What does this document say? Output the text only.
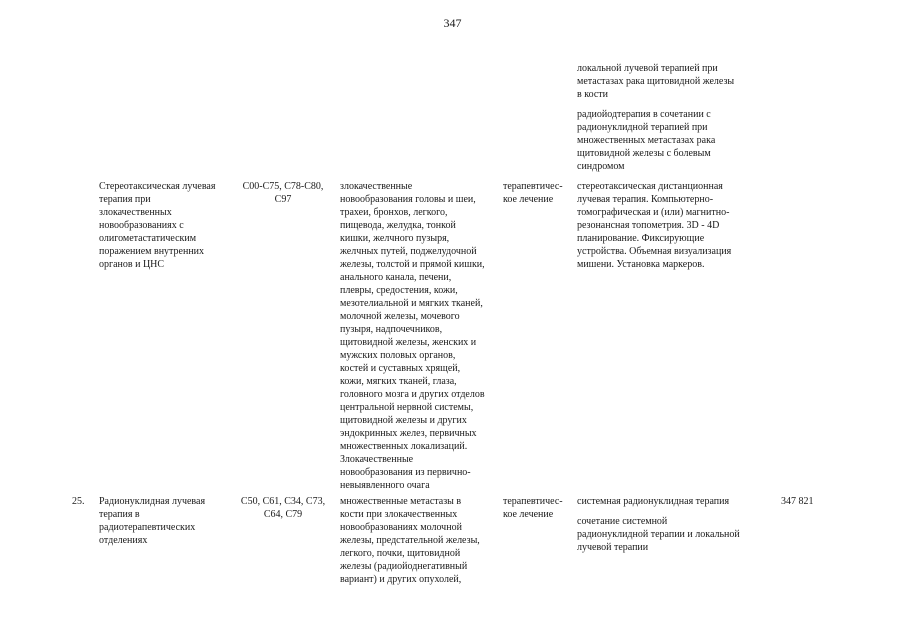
347
локальной лучевой терапией при
метастазах рака щитовидной железы
в кости
радиойодтерапия в сочетании с
радионуклидной терапией при
множественных метастазах рака
щитовидной железы с болевым
синдромом
Стереотаксическая лучевая
терапия при
злокачественных
новообразованиях с
олигометастатическим
поражением внутренних
органов и ЦНС
C00-C75, C78-C80,
C97
злокачественные
новообразования головы и шеи,
трахеи, бронхов, легкого,
пищевода, желудка, тонкой
кишки, желчного пузыря,
желчных путей, поджелудочной
железы, толстой и прямой кишки,
анального канала, печени,
плевры, средостения, кожи,
мезотелиальной и мягких тканей,
молочной железы, мочевого
пузыря, надпочечников,
щитовидной железы, женских и
мужских половых органов,
костей и суставных хрящей,
кожи, мягких тканей, глаза,
головного мозга и других отделов
центральной нервной системы,
щитовидной железы и других
эндокринных желез, первичных
множественных локализаций.
Злокачественные
новообразования из первично-
невыявленного очага
терапевтичес-
кое лечение
стереотаксическая дистанционная
лучевая терапия. Компьютерно-
томографическая и (или) магнитно-
резонансная топометрия. 3D - 4D
планирование. Фиксирующие
устройства. Объемная визуализация
мишени. Установка маркеров.
25. Радионуклидная лучевая
терапия в
радиотерапевтических
отделениях
C50, C61, C34, C73,
C64, C79
множественные метастазы в
кости при злокачественных
новообразованиях молочной
железы, предстательной железы,
легкого, почки, щитовидной
железы (радиойоднегативный
вариант) и других опухолей,
терапевтичес-
кое лечение
системная радионуклидная терапия
сочетание системной
радионуклидной терапии и локальной
лучевой терапии
347 821
